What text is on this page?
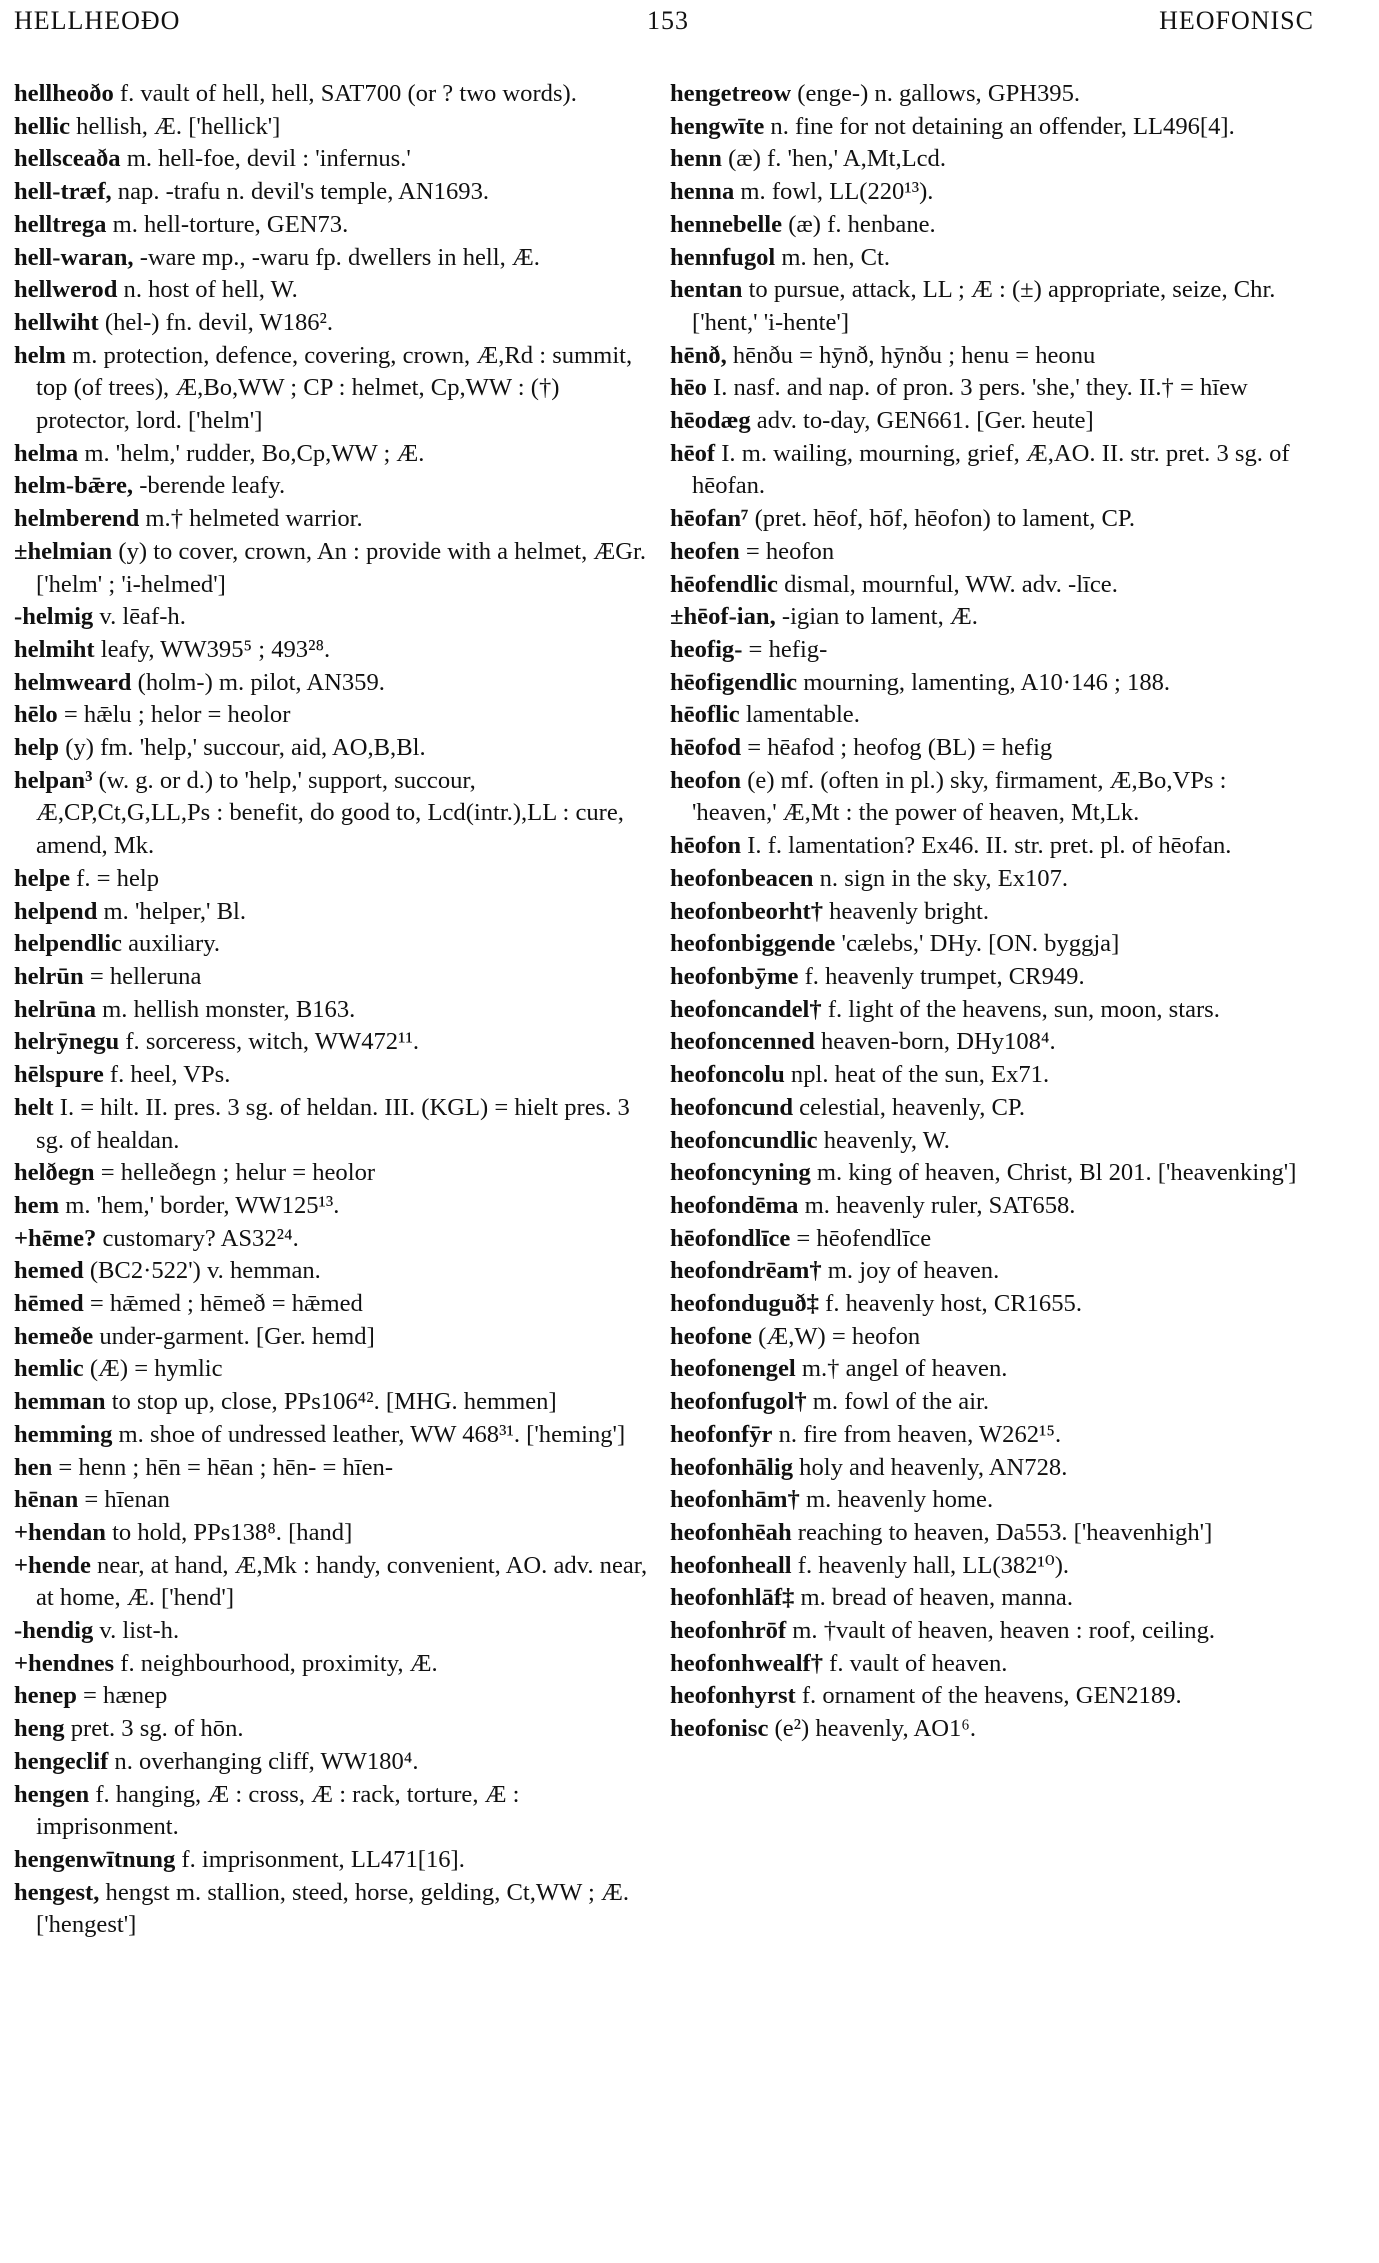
HELLHEOÐO	153	HEOFONISC
hellheoðo f. vault of hell, hell, SAT700 (or ? two words).
hellic hellish, Æ. ['hellick']
hellsceaða m. hell-foe, devil : 'infernus.'
hell-træf, nap. -trafu n. devil's temple, AN1693.
helltrega m. hell-torture, GEN73.
hell-waran, -ware mp., -waru fp. dwellers in hell, Æ.
hellwerod n. host of hell, W.
hellwiht (hel-) fn. devil, W186².
helm m. protection, defence, covering, crown, Æ,Rd : summit, top (of trees), Æ,Bo,WW ; CP : helmet, Cp,WW : (†) protector, lord. ['helm']
helma m. 'helm,' rudder, Bo,Cp,WW ; Æ.
helm-bǣre, -berende leafy.
helmberend m.† helmeted warrior.
±helmian (y) to cover, crown, An : provide with a helmet, ÆGr. ['helm' ; 'i-helmed']
-helmig v. lēaf-h.
helmiht leafy, WW395⁵ ; 493²⁸.
helmweard (holm-) m. pilot, AN359.
hēlo = hǣlu ; helor = heolor
help (y) fm. 'help,' succour, aid, AO,B,Bl.
helpan³ (w. g. or d.) to 'help,' support, succour, Æ,CP,Ct,G,LL,Ps : benefit, do good to, Lcd(intr.),LL : cure, amend, Mk.
helpe f. = help
helpend m. 'helper,' Bl.
helpendlic auxiliary.
helrūn = helleruna
helrūna m. hellish monster, B163.
helrȳnegu f. sorceress, witch, WW472¹¹.
hēlspure f. heel, VPs.
helt I. = hilt. II. pres. 3 sg. of heldan. III. (KGL) = hielt pres. 3 sg. of healdan.
helðegn = helleðegn ; helur = heolor
hem m. 'hem,' border, WW125¹³.
+hēme? customary? AS32²⁴.
hemed (BC2·522') v. hemman.
hēmed = hǣmed ; hēmeð = hǣmed
hemeðe under-garment. [Ger. hemd]
hemlic (Æ) = hymlic
hemman to stop up, close, PPs106⁴². [MHG. hemmen]
hemming m. shoe of undressed leather, WW 468³¹. ['heming']
hen = henn ; hēn = hēan ; hēn- = hīen-
hēnan = hīenan
+hendan to hold, PPs138⁸. [hand]
+hende near, at hand, Æ,Mk : handy, convenient, AO. adv. near, at home, Æ. ['hend']
-hendig v. list-h.
+hendnes f. neighbourhood, proximity, Æ.
henep = hænep
heng pret. 3 sg. of hōn.
hengeclif n. overhanging cliff, WW180⁴.
hengen f. hanging, Æ : cross, Æ : rack, torture, Æ : imprisonment.
hengenwītnung f. imprisonment, LL471[16].
hengest, hengst m. stallion, steed, horse, gelding, Ct,WW ; Æ. ['hengest']
hengetreow (enge-) n. gallows, GPH395.
hengwīte n. fine for not detaining an offender, LL496[4].
henn (æ) f. 'hen,' A,Mt,Lcd.
henna m. fowl, LL(220¹³).
hennebelle (æ) f. henbane.
hennfugol m. hen, Ct.
hentan to pursue, attack, LL ; Æ : (±) appropriate, seize, Chr. ['hent,' 'i-hente']
hēnð, hēnðu = hȳnð, hȳnðu ; henu = heonu
hēo I. nasf. and nap. of pron. 3 pers. 'she,' they. II.† = hīew
hēodæg adv. to-day, GEN661. [Ger. heute]
hēof I. m. wailing, mourning, grief, Æ,AO. II. str. pret. 3 sg. of hēofan.
hēofan⁷ (pret. hēof, hōf, hēofon) to lament, CP.
heofen = heofon
hēofendlic dismal, mournful, WW. adv. -līce.
±hēof-ian, -igian to lament, Æ.
heofig- = hefig-
hēofigendlic mourning, lamenting, A10·146 ; 188.
hēoflic lamentable.
hēofod = hēafod ; heofog (BL) = hefig
heofon (e) mf. (often in pl.) sky, firmament, Æ,Bo,VPs : 'heaven,' Æ,Mt : the power of heaven, Mt,Lk.
hēofon I. f. lamentation? Ex46. II. str. pret. pl. of hēofan.
heofonbeacen n. sign in the sky, Ex107.
heofonbeorht† heavenly bright.
heofonbiggende 'cælebs,' DHy. [ON. byggja]
heofonbȳme f. heavenly trumpet, CR949.
heofoncandel† f. light of the heavens, sun, moon, stars.
heofoncenned heaven-born, DHy108⁴.
heofoncolu npl. heat of the sun, Ex71.
heofoncund celestial, heavenly, CP.
heofoncundlic heavenly, W.
heofoncyning m. king of heaven, Christ, Bl 201. ['heavenking']
heofondēma m. heavenly ruler, SAT658.
hēofondlīce = hēofendlīce
heofondrēam† m. joy of heaven.
heofonduguð‡ f. heavenly host, CR1655.
heofone (Æ,W) = heofon
heofonengel m.† angel of heaven.
heofonfugol† m. fowl of the air.
heofonfȳr n. fire from heaven, W262¹⁵.
heofonhālig holy and heavenly, AN728.
heofonhām† m. heavenly home.
heofonhēah reaching to heaven, Da553. ['heavenhigh']
heofonheall f. heavenly hall, LL(382¹⁰).
heofonhlāf‡ m. bread of heaven, manna.
heofonhrōf m. †vault of heaven, heaven : roof, ceiling.
heofonhwealf† f. vault of heaven.
heofonhyrst f. ornament of the heavens, GEN2189.
heofonisc (e²) heavenly, AO1⁶.
